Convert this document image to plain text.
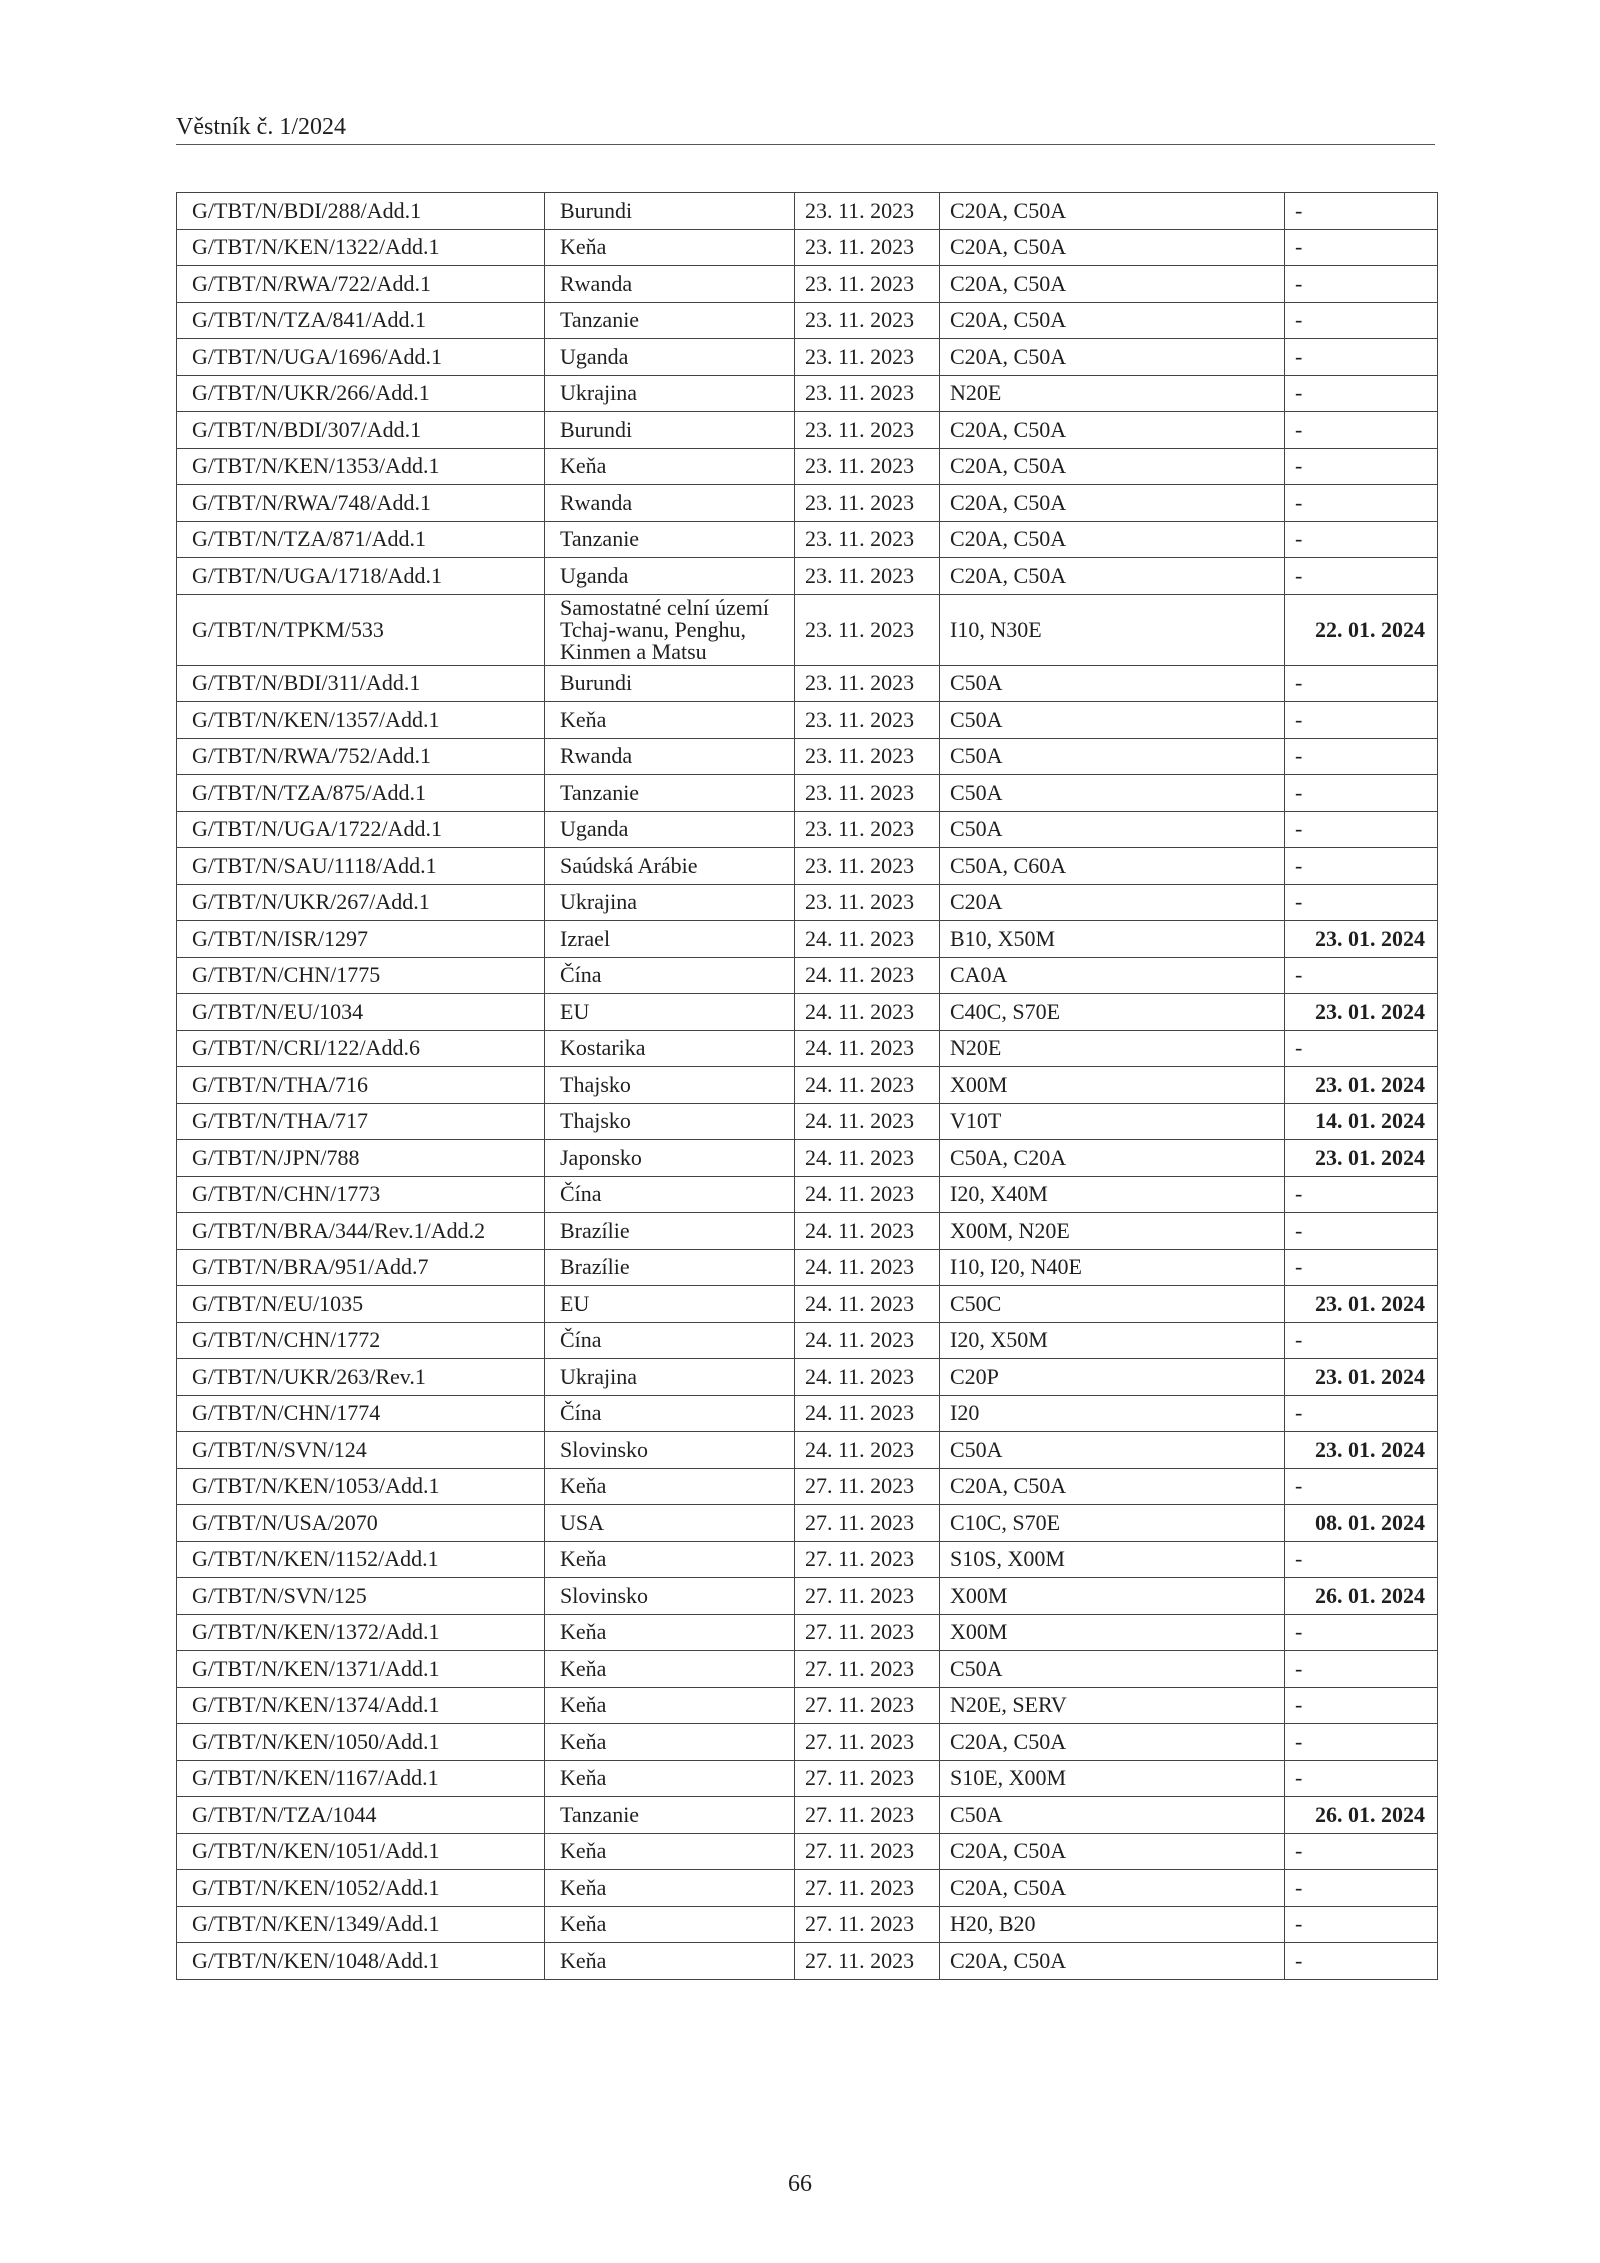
Věstník č. 1/2024
G/TBT/N/BDI/288/Add.1	Burundi	23. 11. 2023	C20A, C50A	-
G/TBT/N/KEN/1322/Add.1	Keňa	23. 11. 2023	C20A, C50A	-
G/TBT/N/RWA/722/Add.1	Rwanda	23. 11. 2023	C20A, C50A	-
G/TBT/N/TZA/841/Add.1	Tanzanie	23. 11. 2023	C20A, C50A	-
G/TBT/N/UGA/1696/Add.1	Uganda	23. 11. 2023	C20A, C50A	-
G/TBT/N/UKR/266/Add.1	Ukrajina	23. 11. 2023	N20E	-
G/TBT/N/BDI/307/Add.1	Burundi	23. 11. 2023	C20A, C50A	-
G/TBT/N/KEN/1353/Add.1	Keňa	23. 11. 2023	C20A, C50A	-
G/TBT/N/RWA/748/Add.1	Rwanda	23. 11. 2023	C20A, C50A	-
G/TBT/N/TZA/871/Add.1	Tanzanie	23. 11. 2023	C20A, C50A	-
G/TBT/N/UGA/1718/Add.1	Uganda	23. 11. 2023	C20A, C50A	-
G/TBT/N/TPKM/533	Samostatné celní území Tchaj-wanu, Penghu, Kinmen a Matsu	23. 11. 2023	I10, N30E	22. 01. 2024
G/TBT/N/BDI/311/Add.1	Burundi	23. 11. 2023	C50A	-
G/TBT/N/KEN/1357/Add.1	Keňa	23. 11. 2023	C50A	-
G/TBT/N/RWA/752/Add.1	Rwanda	23. 11. 2023	C50A	-
G/TBT/N/TZA/875/Add.1	Tanzanie	23. 11. 2023	C50A	-
G/TBT/N/UGA/1722/Add.1	Uganda	23. 11. 2023	C50A	-
G/TBT/N/SAU/1118/Add.1	Saúdská Arábie	23. 11. 2023	C50A, C60A	-
G/TBT/N/UKR/267/Add.1	Ukrajina	23. 11. 2023	C20A	-
G/TBT/N/ISR/1297	Izrael	24. 11. 2023	B10, X50M	23. 01. 2024
G/TBT/N/CHN/1775	Čína	24. 11. 2023	CA0A	-
G/TBT/N/EU/1034	EU	24. 11. 2023	C40C, S70E	23. 01. 2024
G/TBT/N/CRI/122/Add.6	Kostarika	24. 11. 2023	N20E	-
G/TBT/N/THA/716	Thajsko	24. 11. 2023	X00M	23. 01. 2024
G/TBT/N/THA/717	Thajsko	24. 11. 2023	V10T	14. 01. 2024
G/TBT/N/JPN/788	Japonsko	24. 11. 2023	C50A, C20A	23. 01. 2024
G/TBT/N/CHN/1773	Čína	24. 11. 2023	I20, X40M	-
G/TBT/N/BRA/344/Rev.1/Add.2	Brazílie	24. 11. 2023	X00M, N20E	-
G/TBT/N/BRA/951/Add.7	Brazílie	24. 11. 2023	I10, I20, N40E	-
G/TBT/N/EU/1035	EU	24. 11. 2023	C50C	23. 01. 2024
G/TBT/N/CHN/1772	Čína	24. 11. 2023	I20, X50M	-
G/TBT/N/UKR/263/Rev.1	Ukrajina	24. 11. 2023	C20P	23. 01. 2024
G/TBT/N/CHN/1774	Čína	24. 11. 2023	I20	-
G/TBT/N/SVN/124	Slovinsko	24. 11. 2023	C50A	23. 01. 2024
G/TBT/N/KEN/1053/Add.1	Keňa	27. 11. 2023	C20A, C50A	-
G/TBT/N/USA/2070	USA	27. 11. 2023	C10C, S70E	08. 01. 2024
G/TBT/N/KEN/1152/Add.1	Keňa	27. 11. 2023	S10S, X00M	-
G/TBT/N/SVN/125	Slovinsko	27. 11. 2023	X00M	26. 01. 2024
G/TBT/N/KEN/1372/Add.1	Keňa	27. 11. 2023	X00M	-
G/TBT/N/KEN/1371/Add.1	Keňa	27. 11. 2023	C50A	-
G/TBT/N/KEN/1374/Add.1	Keňa	27. 11. 2023	N20E, SERV	-
G/TBT/N/KEN/1050/Add.1	Keňa	27. 11. 2023	C20A, C50A	-
G/TBT/N/KEN/1167/Add.1	Keňa	27. 11. 2023	S10E, X00M	-
G/TBT/N/TZA/1044	Tanzanie	27. 11. 2023	C50A	26. 01. 2024
G/TBT/N/KEN/1051/Add.1	Keňa	27. 11. 2023	C20A, C50A	-
G/TBT/N/KEN/1052/Add.1	Keňa	27. 11. 2023	C20A, C50A	-
G/TBT/N/KEN/1349/Add.1	Keňa	27. 11. 2023	H20, B20	-
G/TBT/N/KEN/1048/Add.1	Keňa	27. 11. 2023	C20A, C50A	-
66
